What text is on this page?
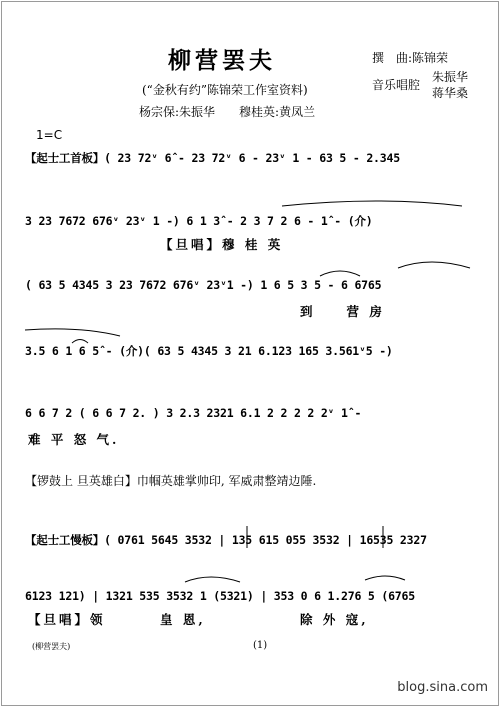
柳营罢夫
(“金秋有约”陈锦荣工作室资料)
杨宗保:朱振华　　穆桂英:黄凤兰
撰　曲:陈锦荣
音乐唱腔
朱振华
蒋华桑
1=C
【起士工首板】( 23 72ᵛ 6̂ - 23 72ᵛ 6 - 23ᵛ 1 - 63 5 - 2.345
3 23 7672 676ᵛ 23ᵛ 1 -) 6 1 3̂ - 2 3 7 2 6 - 1̂ - (介)
( 63 5 4345 3 23 7672 676ᵛ 23ᵛ1 -) 1 6 5 3 5 - 6 6765
3.5 6 1 6 5̂ - (介)( 63 5 4345 3 21 6.123 165 3.561ᵛ5 -)
6 6 7 2 ( 6 6 7 2. ) 3 2.3 2321 6.1 2 2 2 2 2ᵛ 1̂ -
【起士工慢板】( 0761 5645 3532 | 135 615 055 3532 | 16535 2327
6123 121) | 1321 535 3532 1 (5321) | 353 0 6 1.276 5 (6765
【旦唱】穆 桂 英
到　　营 房
难 平 怒 气.
【旦唱】领	皇 恩,	除 外 寇,
【锣鼓上 旦英雄白】巾帼英雄掌帅印, 军威肃整靖边陲.
(柳营罢夫)	(1)
blog.sina.com
